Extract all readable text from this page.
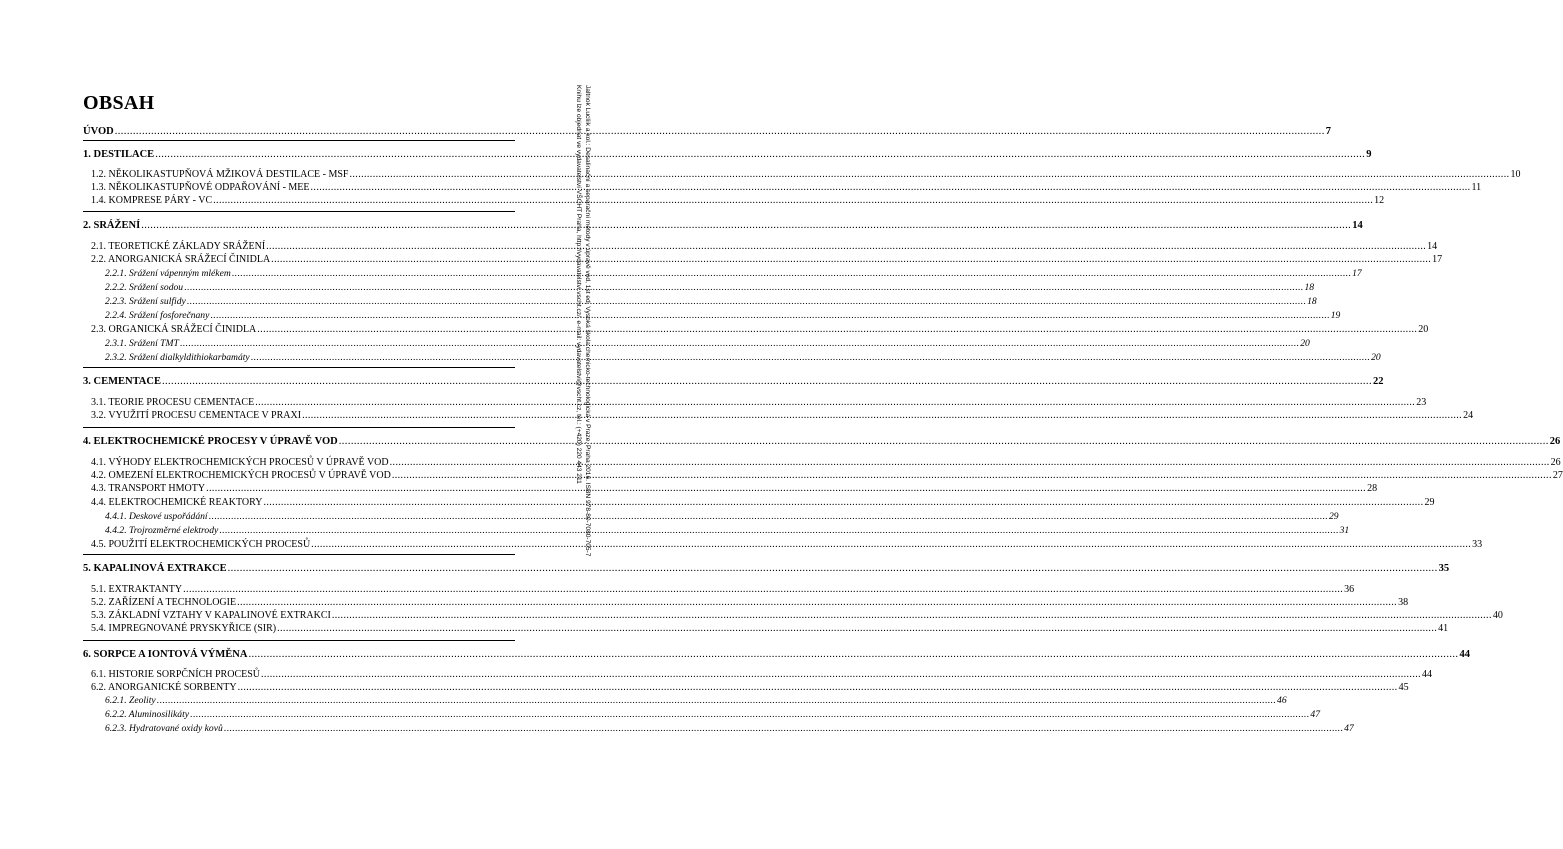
OBSAH
ÚVOD ................................................................................................................................................................................................................................................................................................................................................................................................................ 7
1. DESTILACE ................................................................................................................................................................................................................................................................................................................................................................................................................ 9
1.2. NĚKOLIKASTUPŇOVÁ MŽIKOVÁ DESTILACE - MSF ................................................................................................................................................................................................................................................................................................................................................................................................................ 10
1.3. NĚKOLIKASTUPŇOVÉ ODPAŘOVÁNÍ - MEE ................................................................................................................................................................................................................................................................................................................................................................................................................ 11
1.4. KOMPRESE PÁRY - VC ................................................................................................................................................................................................................................................................................................................................................................................................................ 12
2. SRÁŽENÍ ................................................................................................................................................................................................................................................................................................................................................................................................................ 14
2.1. TEORETICKÉ ZÁKLADY SRÁŽENÍ ................................................................................................................................................................................................................................................................................................................................................................................................................ 14
2.2. ANORGANICKÁ SRÁŽECÍ ČINIDLA ................................................................................................................................................................................................................................................................................................................................................................................................................ 17
2.2.1. Srážení vápenným mlékem ................................................................................................................................................................................................................................................................................................................................................................................................................ 17
2.2.2. Srážení sodou ................................................................................................................................................................................................................................................................................................................................................................................................................ 18
2.2.3. Srážení sulfidy ................................................................................................................................................................................................................................................................................................................................................................................................................ 18
2.2.4. Srážení fosforečnany ................................................................................................................................................................................................................................................................................................................................................................................................................ 19
2.3. ORGANICKÁ SRÁŽECÍ ČINIDLA ................................................................................................................................................................................................................................................................................................................................................................................................................ 20
2.3.1. Srážení TMT ................................................................................................................................................................................................................................................................................................................................................................................................................ 20
2.3.2. Srážení dialkyldithiokarbamáty ................................................................................................................................................................................................................................................................................................................................................................................................................ 20
3. CEMENTACE ................................................................................................................................................................................................................................................................................................................................................................................................................ 22
3.1. TEORIE PROCESU CEMENTACE ................................................................................................................................................................................................................................................................................................................................................................................................................ 23
3.2. VYUŽITÍ PROCESU CEMENTACE V PRAXI ................................................................................................................................................................................................................................................................................................................................................................................................................ 24
4. ELEKTROCHEMICKÉ PROCESY V ÚPRAVĚ VOD ................................................................................................................................................................................................................................................................................................................................................................................................................ 26
4.1. VÝHODY ELEKTROCHEMICKÝCH PROCESŮ V ÚPRAVĚ VOD ................................................................................................................................................................................................................................................................................................................................................................................................................ 26
4.2. OMEZENÍ ELEKTROCHEMICKÝCH PROCESŮ V ÚPRAVĚ VOD ................................................................................................................................................................................................................................................................................................................................................................................................................ 27
4.3. TRANSPORT HMOTY ................................................................................................................................................................................................................................................................................................................................................................................................................ 28
4.4. ELEKTROCHEMICKÉ REAKTORY ................................................................................................................................................................................................................................................................................................................................................................................................................ 29
4.4.1. Deskové uspořádání ................................................................................................................................................................................................................................................................................................................................................................................................................ 29
4.4.2. Trojrozměrné elektrody ................................................................................................................................................................................................................................................................................................................................................................................................................ 31
4.5. POUŽITÍ ELEKTROCHEMICKÝCH PROCESŮ ................................................................................................................................................................................................................................................................................................................................................................................................................ 33
5. KAPALINOVÁ EXTRAKCE ................................................................................................................................................................................................................................................................................................................................................................................................................ 35
5.1. EXTRAKTANTY ................................................................................................................................................................................................................................................................................................................................................................................................................ 36
5.2. ZAŘÍZENÍ A TECHNOLOGIE ................................................................................................................................................................................................................................................................................................................................................................................................................ 38
5.3. ZÁKLADNÍ VZTAHY V KAPALINOVÉ EXTRAKCI ................................................................................................................................................................................................................................................................................................................................................................................................................ 40
5.4. IMPREGNOVANÉ PRYSKYŘICE (SIR) ................................................................................................................................................................................................................................................................................................................................................................................................................ 41
6. SORPCE A IONTOVÁ VÝMĚNA ................................................................................................................................................................................................................................................................................................................................................................................................................ 44
6.1. HISTORIE SORPČNÍCH PROCESŮ ................................................................................................................................................................................................................................................................................................................................................................................................................ 44
6.2. ANORGANICKÉ SORBENTY ................................................................................................................................................................................................................................................................................................................................................................................................................ 45
6.2.1. Zeolity ................................................................................................................................................................................................................................................................................................................................................................................................................ 46
6.2.2. Aluminosilikáty ................................................................................................................................................................................................................................................................................................................................................................................................................ 47
6.2.3. Hydratované oxidy kovů ................................................................................................................................................................................................................................................................................................................................................................................................................ 47
Jaltnok Lucliik a kol.: Desalinační a separační metody v úpravě vod, 1st ed. Vysoká škola chemicko-technologická v Praze, Praha 2016. ISBN 978-80-7080-705-7
Knihu lze objednat ve vydavatelství VŠCHT Praha, http://vydavatelstvi.vscht.cz/, e-mail: vydavatelstvi@vscht.cz, tel.: (+420) 220 443 211
